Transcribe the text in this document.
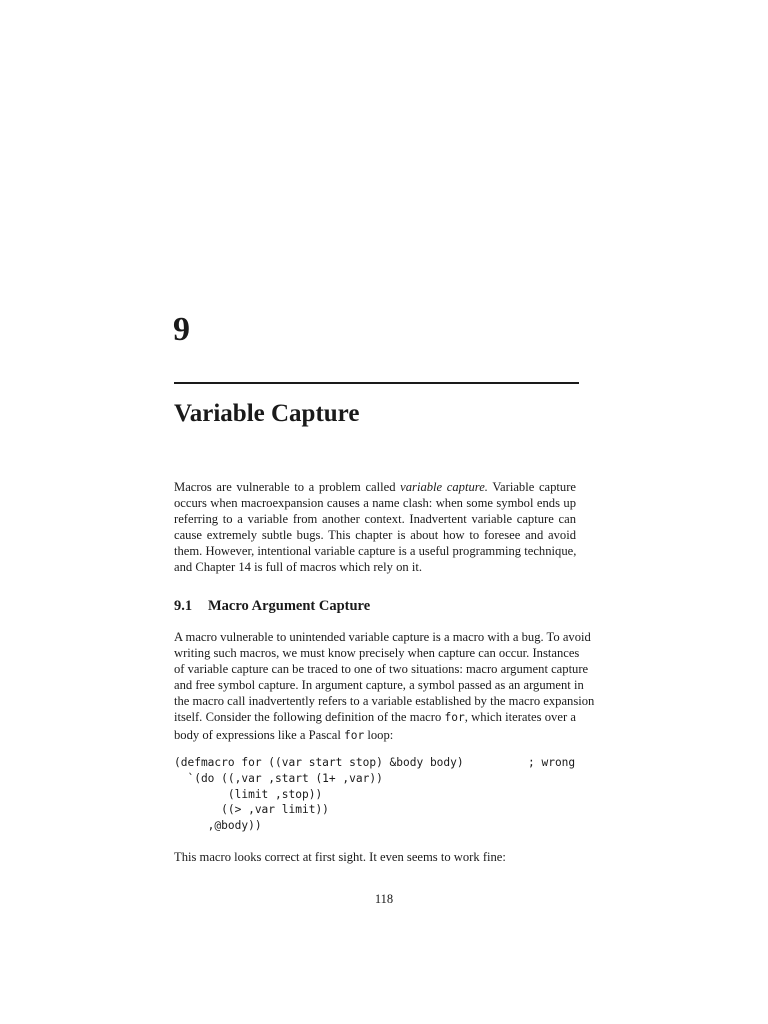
9
Variable Capture

Macros are vulnerable to a problem called variable capture. Variable capture
occurs when macroexpansion causes a name clash: when some symbol ends up
referring to a variable from another context. Inadvertent variable capture can
cause extremely subtle bugs. This chapter is about how to foresee and avoid
them. However, intentional variable capture is a useful programming technique,
and Chapter 14 is full of macros which rely on it.

9.1 Macro Argument Capture

A macro vulnerable to unintended variable capture is a macro with a bug. To avoid
writing such macros, we must know precisely when capture can occur. Instances
of variable capture can be traced to one of two situations: macro argument capture
and free symbol capture. In argument capture, a symbol passed as an argument in
the macro call inadvertently refers to a variable established by the macro expansion
itself. Consider the following definition of the macro for, which iterates over a
body of expressions like a Pascal for loop:

(defmacro for ((var start stop) &body body)
`(do ((,var ,start (1+ ,var))
(limit ,stop))
((> ,var limit))
,@body))
; wrong

This macro looks correct at first sight. It even seems to work fine:

118
